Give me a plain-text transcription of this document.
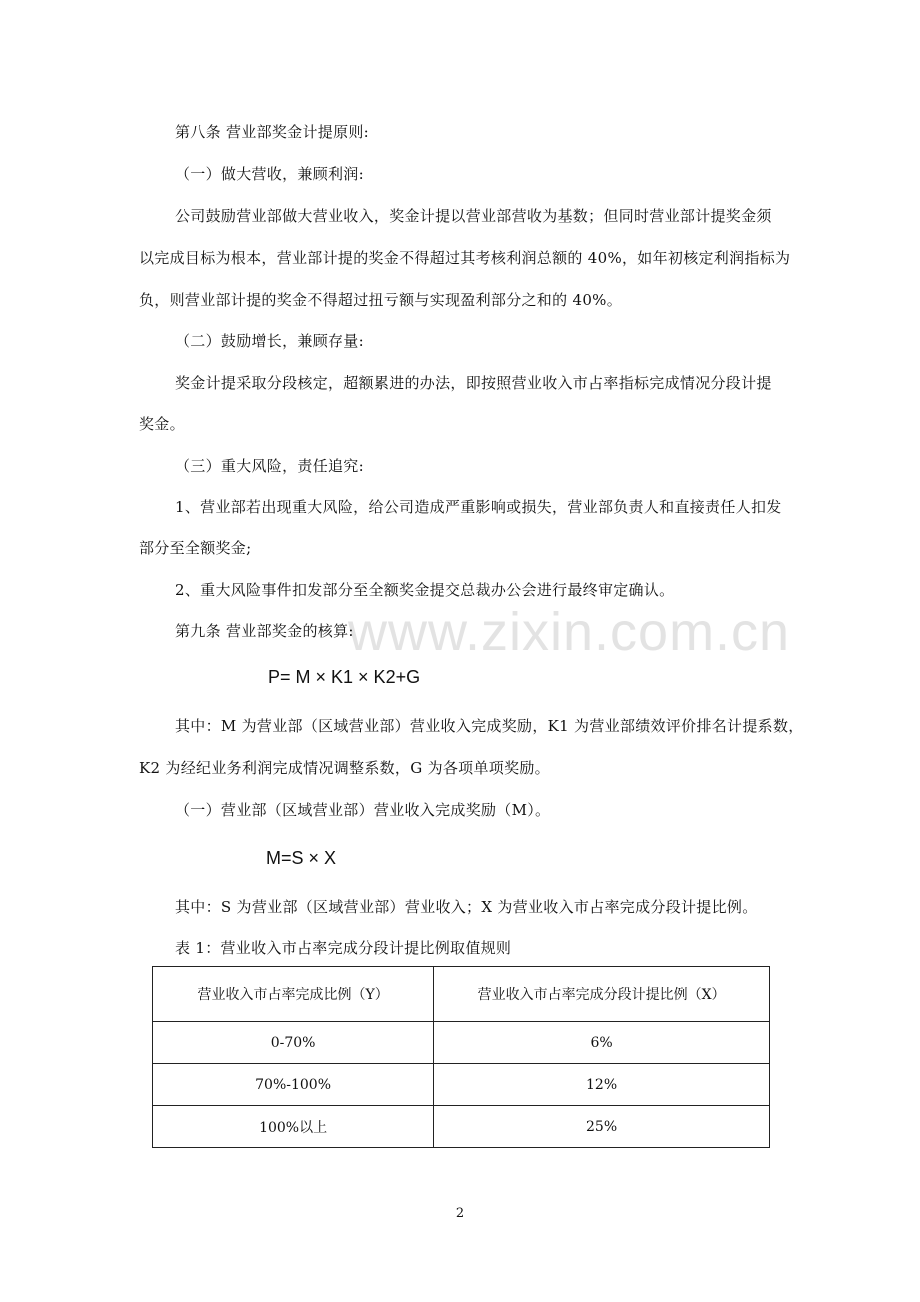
www.zixin.com.cn
第八条 营业部奖金计提原则:
（一）做大营收，兼顾利润:
公司鼓励营业部做大营业收入，奖金计提以营业部营收为基数；但同时营业部计提奖金须
以完成目标为根本，营业部计提的奖金不得超过其考核利润总额的 40%，如年初核定利润指标为
负，则营业部计提的奖金不得超过扭亏额与实现盈利部分之和的 40%。
（二）鼓励增长，兼顾存量:
奖金计提采取分段核定，超额累进的办法，即按照营业收入市占率指标完成情况分段计提
奖金。
（三）重大风险，责任追究:
1、营业部若出现重大风险，给公司造成严重影响或损失，营业部负责人和直接责任人扣发
部分至全额奖金;
2、重大风险事件扣发部分至全额奖金提交总裁办公会进行最终审定确认。
第九条 营业部奖金的核算:
P= M × K1 × K2+G
其中：M 为营业部（区域营业部）营业收入完成奖励，K1 为营业部绩效评价排名计提系数，
K2 为经纪业务利润完成情况调整系数，G 为各项单项奖励。
（一）营业部（区域营业部）营业收入完成奖励（M）。
M=S × X
其中：S 为营业部（区域营业部）营业收入；X 为营业收入市占率完成分段计提比例。
表 1：营业收入市占率完成分段计提比例取值规则
营业收入市占率完成比例（Y）	营业收入市占率完成分段计提比例（X）
0-70%	6%
70%-100%	12%
100%以上	25%
2
